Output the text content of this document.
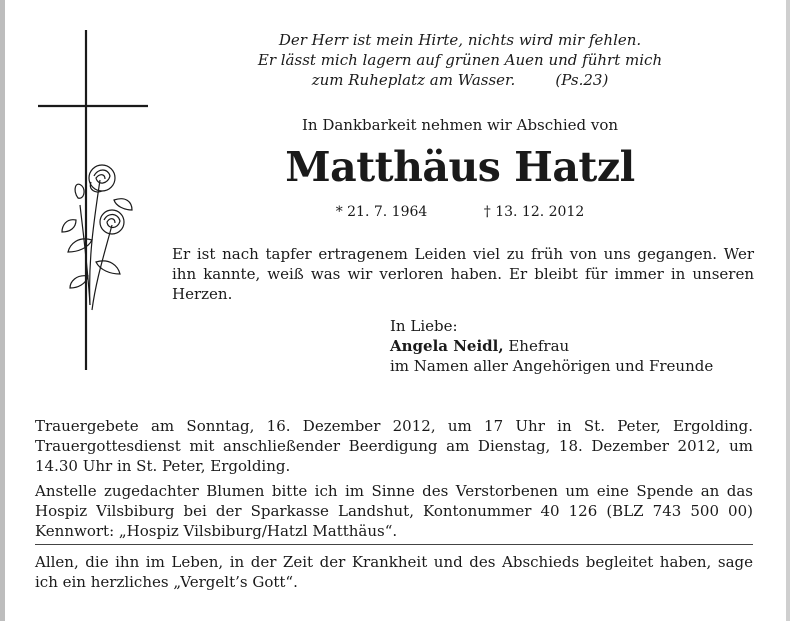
Der Herr ist mein Hirte, nichts wird mir fehlen.
Er lässt mich lagern auf grünen Auen und führt mich
zum Ruheplatz am Wasser.	(Ps.23)
In Dankbarkeit nehmen wir Abschied von
Matthäus Hatzl
* 21. 7. 1964	† 13. 12. 2012
Er ist nach tapfer ertragenem Leiden viel zu früh von uns gegangen. Wer ihn kannte, weiß was wir verloren haben. Er bleibt für immer in unseren Herzen.
In Liebe:
Angela Neidl, Ehefrau
im Namen aller Angehörigen und Freunde
Trauergebete am Sonntag, 16. Dezember 2012, um 17 Uhr in St. Peter, Ergolding. Trauergottesdienst mit anschließender Beerdigung am Dienstag, 18. Dezember 2012, um 14.30 Uhr in St. Peter, Ergolding.
Anstelle zugedachter Blumen bitte ich im Sinne des Verstorbenen um eine Spende an das Hospiz Vilsbiburg bei der Sparkasse Landshut, Kontonummer 40 126 (BLZ 743 500 00) Kennwort: „Hospiz Vilsbiburg/Hatzl Matthäus“.
Allen, die ihn im Leben, in der Zeit der Krankheit und des Abschieds begleitet haben, sage ich ein herzliches „Vergelt’s Gott“.
